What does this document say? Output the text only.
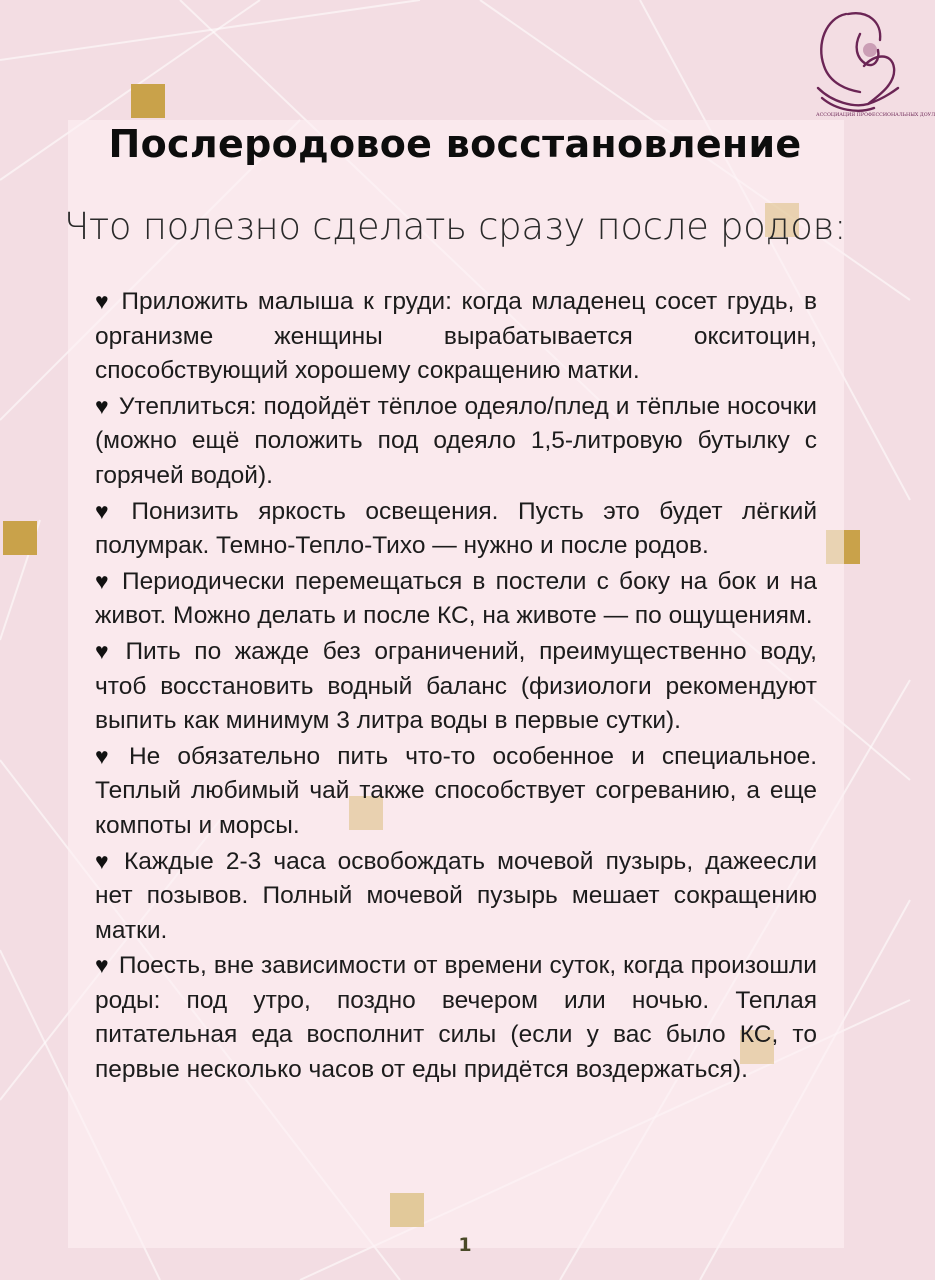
АССОЦИАЦИЯ ПРОФЕССИОНАЛЬНЫХ ДОУЛ
Послеродовое восстановление
Что полезно сделать сразу после родов:
♥ Приложить малыша к груди: когда младенец сосет грудь, в организме женщины вырабатывается окситоцин, способствующий хорошему сокращению матки.
♥ Утеплиться: подойдёт тёплое одеяло/плед и тёплые носочки (можно ещё положить под одеяло 1,5-литровую бутылку с горячей водой).
♥ Понизить яркость освещения. Пусть это будет лёгкий полумрак. Темно-Тепло-Тихо — нужно и после родов.
♥ Периодически перемещаться в постели с боку на бок и на живот. Можно делать и после КС, на животе — по ощущениям.
♥ Пить по жажде без ограничений, преимущественно воду, чтоб восстановить водный баланс (физиологи рекомендуют выпить как минимум 3 литра воды в первые сутки).
♥ Не обязательно пить что-то особенное и специальное. Теплый любимый чай также способствует согреванию, а еще компоты и морсы.
♥ Каждые 2-3 часа освобождать мочевой пузырь, дажеесли нет позывов. Полный мочевой пузырь мешает сокращению матки.
♥ Поесть, вне зависимости от времени суток, когда произошли роды: под утро, поздно вечером или ночью. Теплая питательная еда восполнит силы (если у вас было КС, то первые несколько часов от еды придётся воздержаться).
1
